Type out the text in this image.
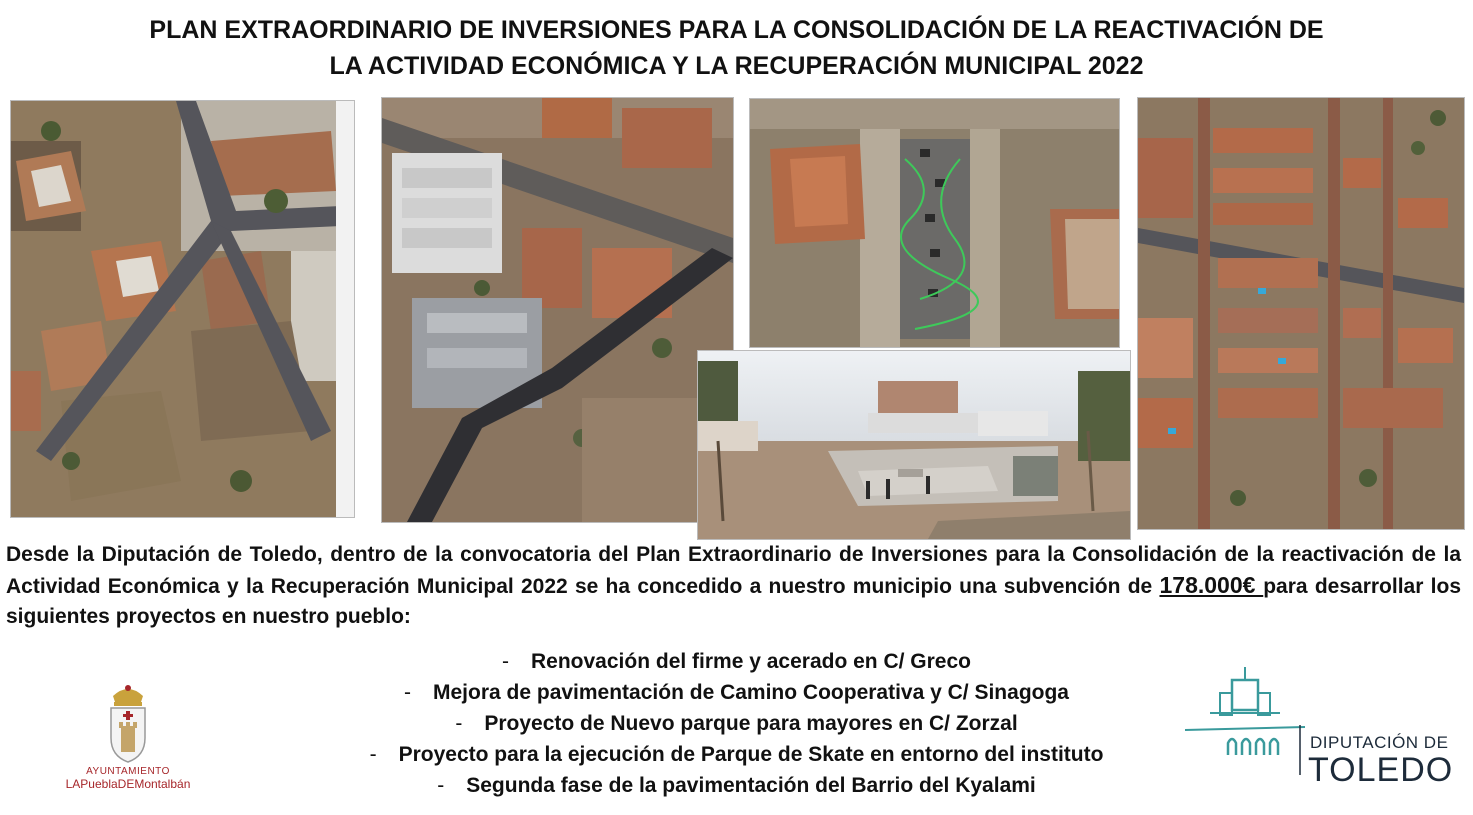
PLAN EXTRAORDINARIO DE INVERSIONES PARA LA CONSOLIDACIÓN DE LA REACTIVACIÓN DE
LA ACTIVIDAD ECONÓMICA Y LA RECUPERACIÓN MUNICIPAL 2022
Desde la Diputación de Toledo, dentro de la convocatoria del Plan Extraordinario de Inversiones para la Consolidación de la reactivación de la Actividad Económica y la Recuperación Municipal 2022 se ha concedido a nuestro municipio una subvención de 178.000€ para desarrollar los siguientes proyectos en nuestro pueblo:
- Renovación del firme y acerado en C/ Greco
- Mejora de pavimentación de Camino Cooperativa y C/ Sinagoga
- Proyecto de Nuevo parque para mayores en C/ Zorzal
- Proyecto para la ejecución de Parque de Skate en entorno del instituto
- Segunda fase de la pavimentación del Barrio del Kyalami
AYUNTAMIENTO
LAPueblaDEMontalbán
DIPUTACIÓN DE
TOLEDO
